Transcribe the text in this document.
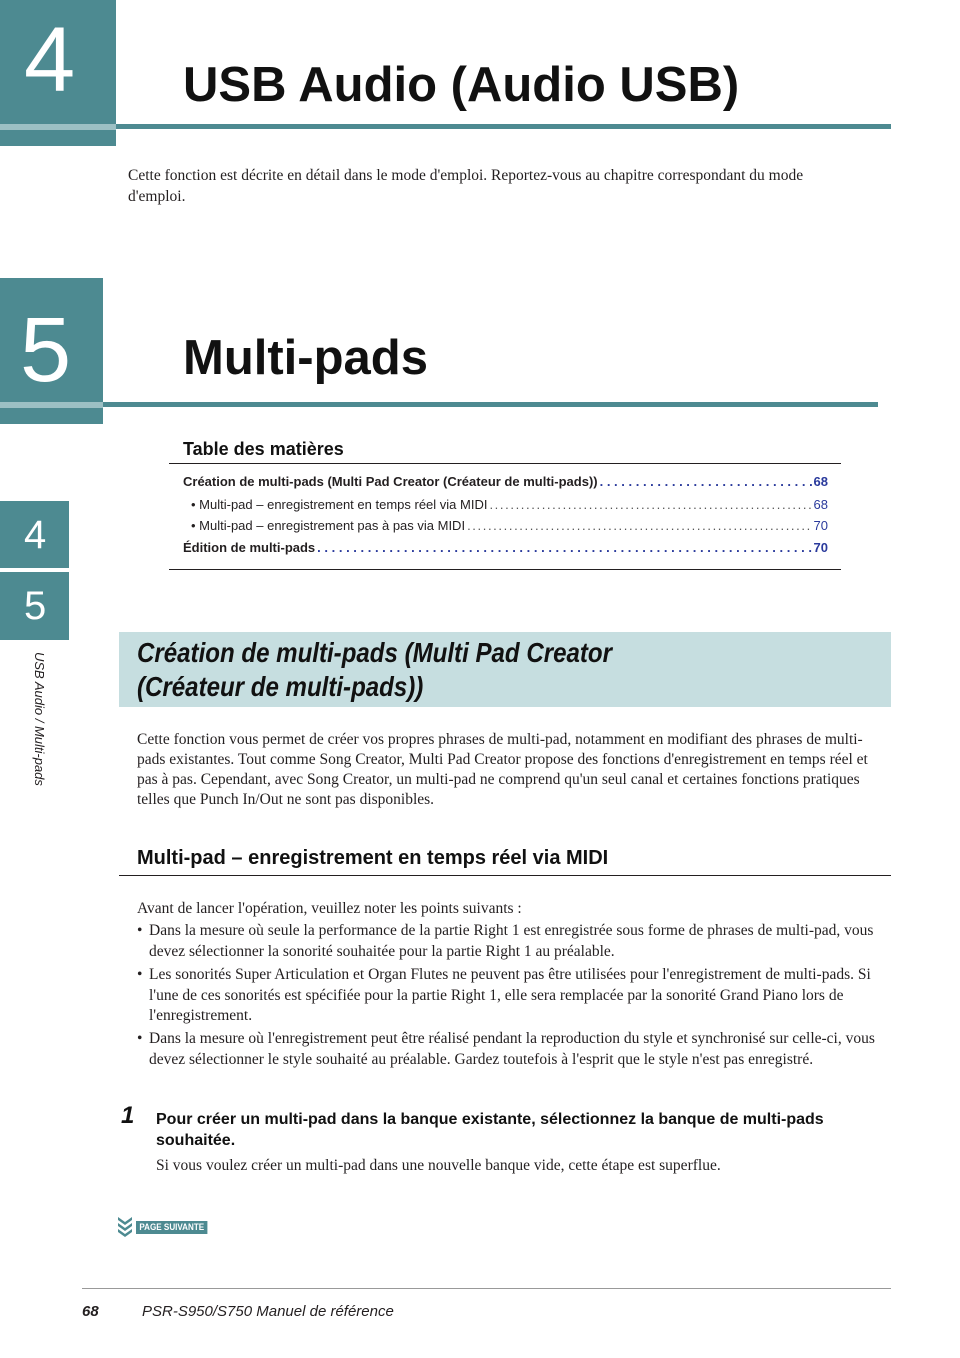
4 USB Audio (Audio USB)

Cette fonction est décrite en détail dans le mode d'emploi. Reportez-vous au chapitre correspondant du mode d'emploi.

5 Multi-pads
Table des matières
Création de multi-pads (Multi Pad Creator (Créateur de multi-pads)) . . .	68
• Multi-pad – enregistrement en temps réel via MIDI . . .	68
• Multi-pad – enregistrement pas à pas via MIDI . . .	70
Édition de multi-pads . . .	70
4
5
USB Audio / Multi-pads	Création de multi-pads (Multi Pad Creator
(Créateur de multi-pads))

Cette fonction vous permet de créer vos propres phrases de multi-pad, notamment en modifiant des phrases de multi-pads existantes. Tout comme Song Creator, Multi Pad Creator propose des fonctions d'enregistrement en temps réel et pas à pas. Cependant, avec Song Creator, un multi-pad ne comprend qu'un seul canal et certaines fonctions pratiques telles que Punch In/Out ne sont pas disponibles.

Multi-pad – enregistrement en temps réel via MIDI

Avant de lancer l'opération, veuillez noter les points suivants :

• Dans la mesure où seule la performance de la partie Right 1 est enregistrée sous forme de phrases de multi-pad, vous devez sélectionner la sonorité souhaitée pour la partie Right 1 au préalable.
• Les sonorités Super Articulation et Organ Flutes ne peuvent pas être utilisées pour l'enregistrement de multi-pads. Si l'une de ces sonorités est spécifiée pour la partie Right 1, elle sera remplacée par la sonorité Grand Piano lors de l'enregistrement.
• Dans la mesure où l'enregistrement peut être réalisé pendant la reproduction du style et synchronisé sur celle-ci, vous devez sélectionner le style souhaité au préalable. Gardez toutefois à l'esprit que le style n'est pas enregistré.
1 Pour créer un multi-pad dans la banque existante, sélectionnez la banque de multi-pads souhaitée.

Si vous voulez créer un multi-pad dans une nouvelle banque vide, cette étape est superflue.

PAGE SUIVANTE
68	PSR-S950/S750 Manuel de référence
